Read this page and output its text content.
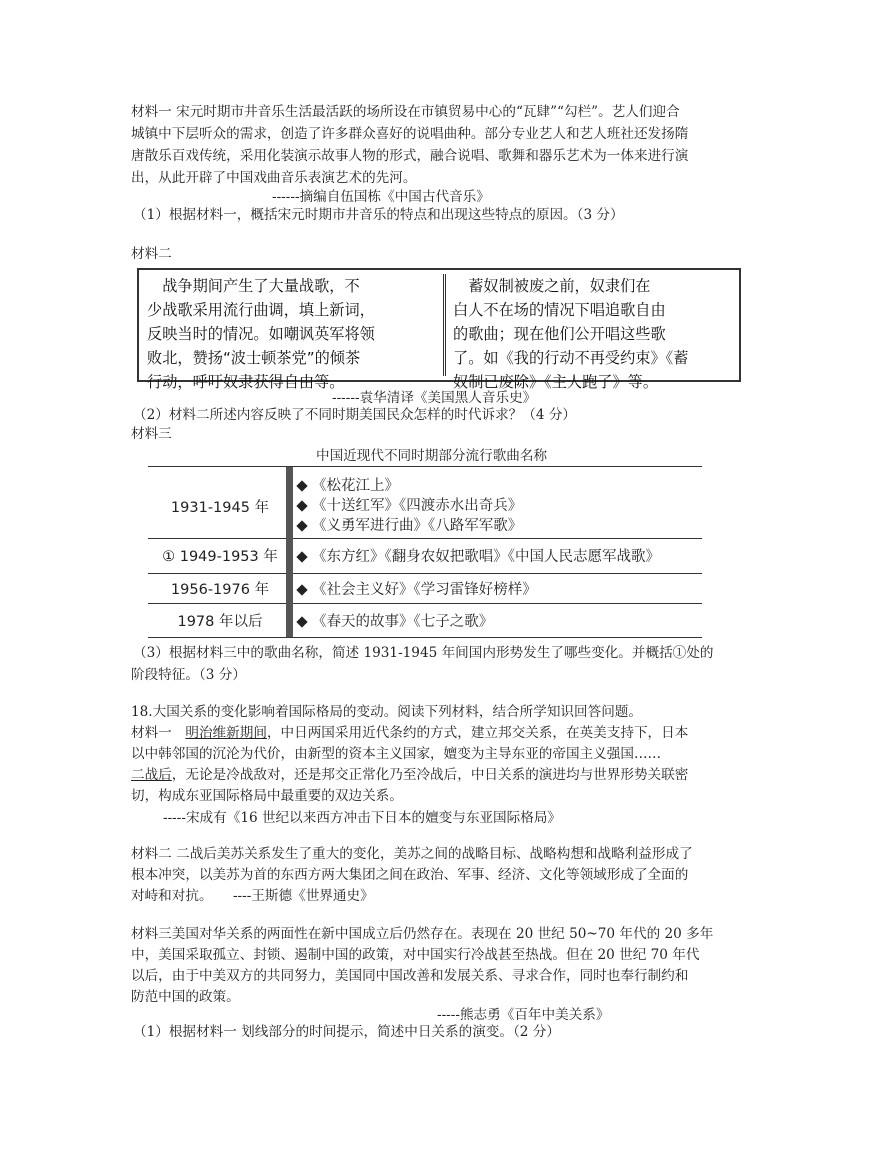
材料一 宋元时期市井音乐生活最活跃的场所设在市镇贸易中心的“瓦肆”“勾栏”。艺人们迎合
城镇中下层听众的需求，创造了许多群众喜好的说唱曲种。部分专业艺人和艺人班社还发扬隋
唐散乐百戏传统，采用化装演示故事人物的形式，融合说唱、歌舞和器乐艺术为一体来进行演
出，从此开辟了中国戏曲音乐表演艺术的先河。
------摘编自伍国栋《中国古代音乐》
（1）根据材料一，概括宋元时期市井音乐的特点和出现这些特点的原因。（3 分）
材料二
　战争期间产生了大量战歌，不
少战歌采用流行曲调，填上新词，
反映当时的情况。如嘲讽英军将领
败北，赞扬“波士顿茶党”的倾茶
行动，呼吁奴隶获得自由等。
　蓄奴制被废之前，奴隶们在
白人不在场的情况下唱追歌自由
的歌曲；现在他们公开唱这些歌
了。如《我的行动不再受约束》《蓄
奴制已废除》《主人跑了》等。
------袁华清译《美国黑人音乐史》
（2）材料二所述内容反映了不同时期美国民众怎样的时代诉求？（4 分）
材料三
中国近现代不同时期部分流行歌曲名称
1931-1945 年
《松花江上》
《十送红军》《四渡赤水出奇兵》
《义勇军进行曲》《八路军军歌》
① 1949-1953 年	《东方红》《翻身农奴把歌唱》《中国人民志愿军战歌》
1956-1976 年	《社会主义好》《学习雷锋好榜样》
1978 年以后	《春天的故事》《七子之歌》
（3）根据材料三中的歌曲名称，简述 1931-1945 年间国内形势发生了哪些变化。并概括①处的
阶段特征。（3 分）
18.大国关系的变化影响着国际格局的变动。阅读下列材料，结合所学知识回答问题。
材料一　明治维新期间，中日两国采用近代条约的方式，建立邦交关系，在英美支持下，日本
以中韩邻国的沉沦为代价，由新型的资本主义国家，嬗变为主导东亚的帝国主义强国……
二战后，无论是冷战敌对，还是邦交正常化乃至冷战后，中日关系的演进均与世界形势关联密
切，构成东亚国际格局中最重要的双边关系。
-----宋成有《16 世纪以来西方冲击下日本的嬗变与东亚国际格局》
材料二 二战后美苏关系发生了重大的变化，美苏之间的战略目标、战略构想和战略利益形成了
根本冲突，以美苏为首的东西方两大集团之间在政治、军事、经济、文化等领域形成了全面的
对峙和对抗。　　----王斯德《世界通史》
材料三美国对华关系的两面性在新中国成立后仍然存在。表现在 20 世纪 50~70 年代的 20 多年
中，美国采取孤立、封锁、遏制中国的政策，对中国实行冷战甚至热战。但在 20 世纪 70 年代
以后，由于中美双方的共同努力，美国同中国改善和发展关系、寻求合作，同时也奉行制约和
防范中国的政策。
-----熊志勇《百年中美关系》
（1）根据材料一 划线部分的时间提示，简述中日关系的演变。（2 分）
